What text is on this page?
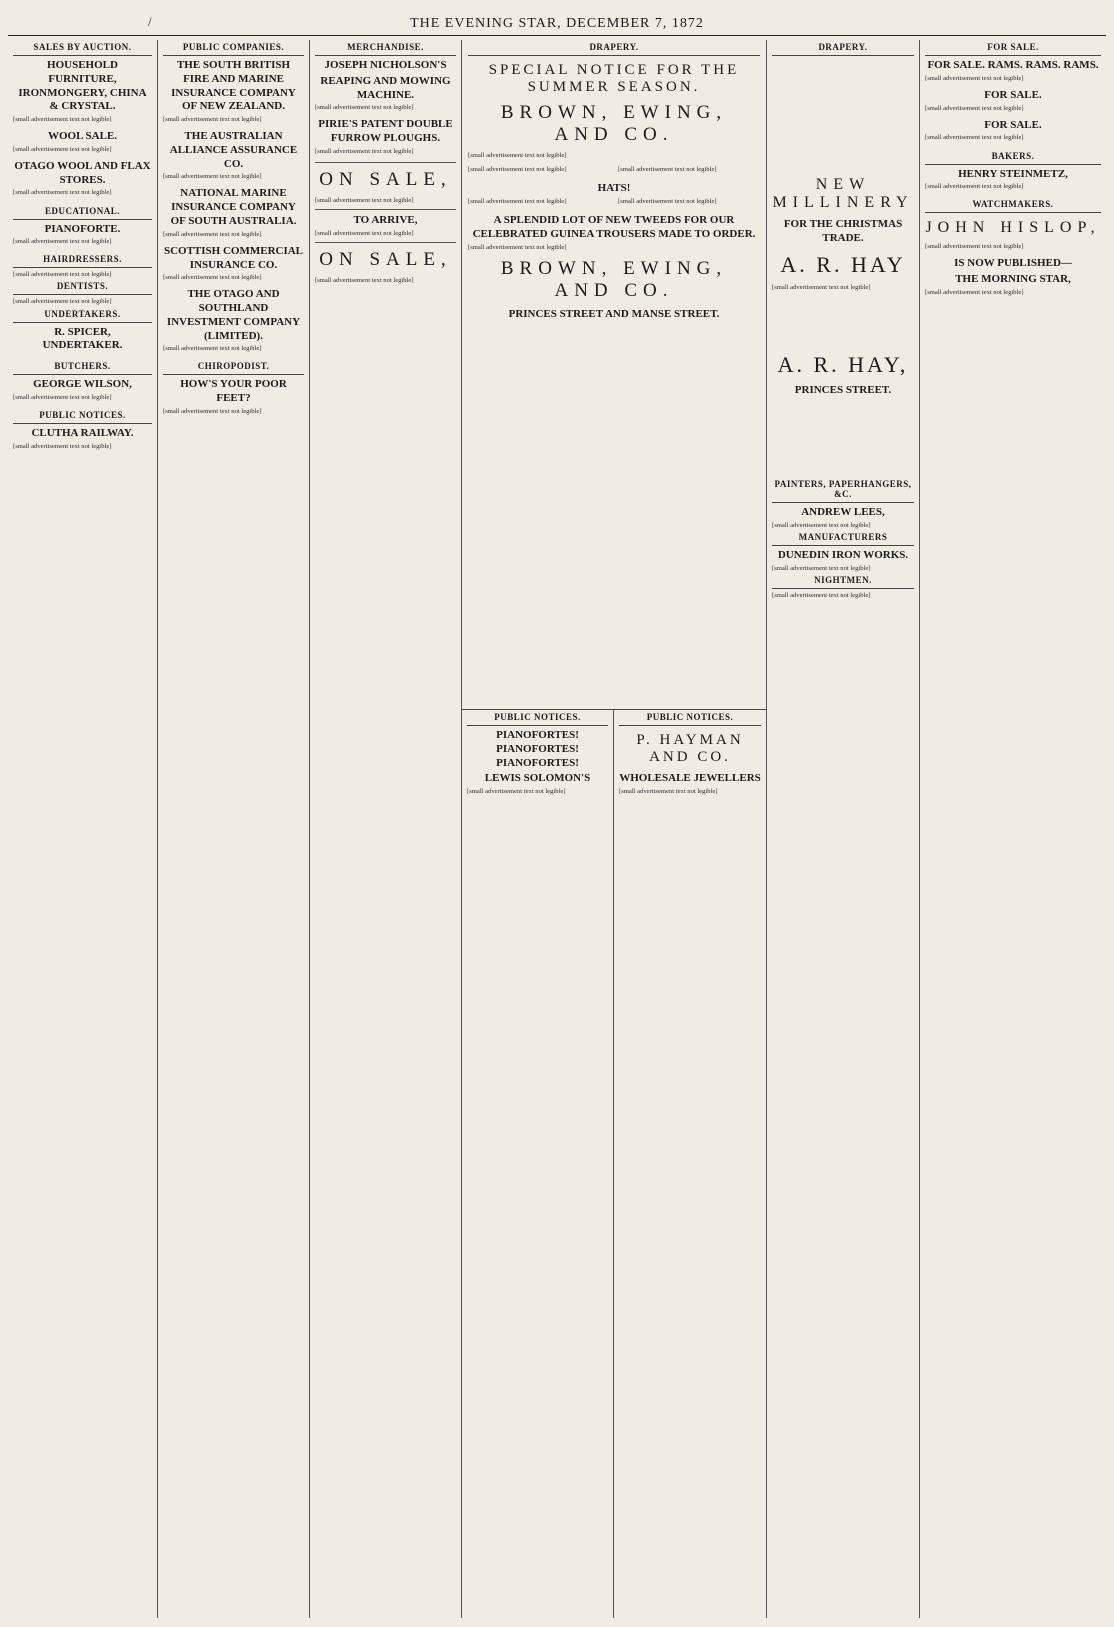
/	THE EVENING STAR, DECEMBER 7, 1872
SALES BY AUCTION.
HOUSEHOLD FURNITURE, IRONMONGERY, CHINA & CRYSTAL.
[small advertisement text not legible]
WOOL SALE.
[small advertisement text not legible]
OTAGO WOOL AND FLAX STORES.
[small advertisement text not legible]
EDUCATIONAL.
PIANOFORTE.
[small advertisement text not legible]
HAIRDRESSERS.
[small advertisement text not legible]
DENTISTS.
[small advertisement text not legible]
UNDERTAKERS.
R. SPICER, UNDERTAKER.
BUTCHERS.
GEORGE WILSON,
[small advertisement text not legible]
PUBLIC NOTICES.
CLUTHA RAILWAY.
[small advertisement text not legible]
PUBLIC COMPANIES.
THE SOUTH BRITISH FIRE AND MARINE INSURANCE COMPANY OF NEW ZEALAND.
[small advertisement text not legible]
THE AUSTRALIAN ALLIANCE ASSURANCE CO.
[small advertisement text not legible]
NATIONAL MARINE INSURANCE COMPANY OF SOUTH AUSTRALIA.
[small advertisement text not legible]
SCOTTISH COMMERCIAL INSURANCE CO.
[small advertisement text not legible]
THE OTAGO AND SOUTHLAND INVESTMENT COMPANY (LIMITED).
[small advertisement text not legible]
CHIROPODIST.
HOW'S YOUR POOR FEET?
[small advertisement text not legible]
MERCHANDISE.
JOSEPH NICHOLSON'S
REAPING AND MOWING MACHINE.
[small advertisement text not legible]
PIRIE'S PATENT DOUBLE FURROW PLOUGHS.
[small advertisement text not legible]
ON SALE,
[small advertisement text not legible]
TO ARRIVE,
[small advertisement text not legible]
ON SALE,
[small advertisement text not legible]
DRAPERY.
SPECIAL NOTICE FOR THE SUMMER SEASON.
BROWN, EWING, AND CO.
[small advertisement text not legible]
[small advertisement text not legible]	[small advertisement text not legible]
HATS!
[small advertisement text not legible]	[small advertisement text not legible]
A SPLENDID LOT OF NEW TWEEDS FOR OUR CELEBRATED GUINEA TROUSERS MADE TO ORDER.
[small advertisement text not legible]
BROWN, EWING, AND CO.
PRINCES STREET AND MANSE STREET.
PUBLIC NOTICES.
PIANOFORTES! PIANOFORTES! PIANOFORTES!
LEWIS SOLOMON'S
[small advertisement text not legible]
PUBLIC NOTICES.
P. HAYMAN AND CO.
WHOLESALE JEWELLERS
[small advertisement text not legible]
DRAPERY.
NEW MILLINERY
FOR THE CHRISTMAS TRADE.
A. R. HAY
[small advertisement text not legible]
A. R. HAY,
PRINCES STREET.
PAINTERS, PAPERHANGERS, &C.
ANDREW LEES,
[small advertisement text not legible]
MANUFACTURERS
DUNEDIN IRON WORKS.
[small advertisement text not legible]
NIGHTMEN.
[small advertisement text not legible]
FOR SALE.
FOR SALE. RAMS. RAMS. RAMS.
[small advertisement text not legible]
FOR SALE.
[small advertisement text not legible]
FOR SALE.
[small advertisement text not legible]
BAKERS.
HENRY STEINMETZ,
[small advertisement text not legible]
WATCHMAKERS.
JOHN HISLOP,
[small advertisement text not legible]
IS NOW PUBLISHED—
THE MORNING STAR,
[small advertisement text not legible]
